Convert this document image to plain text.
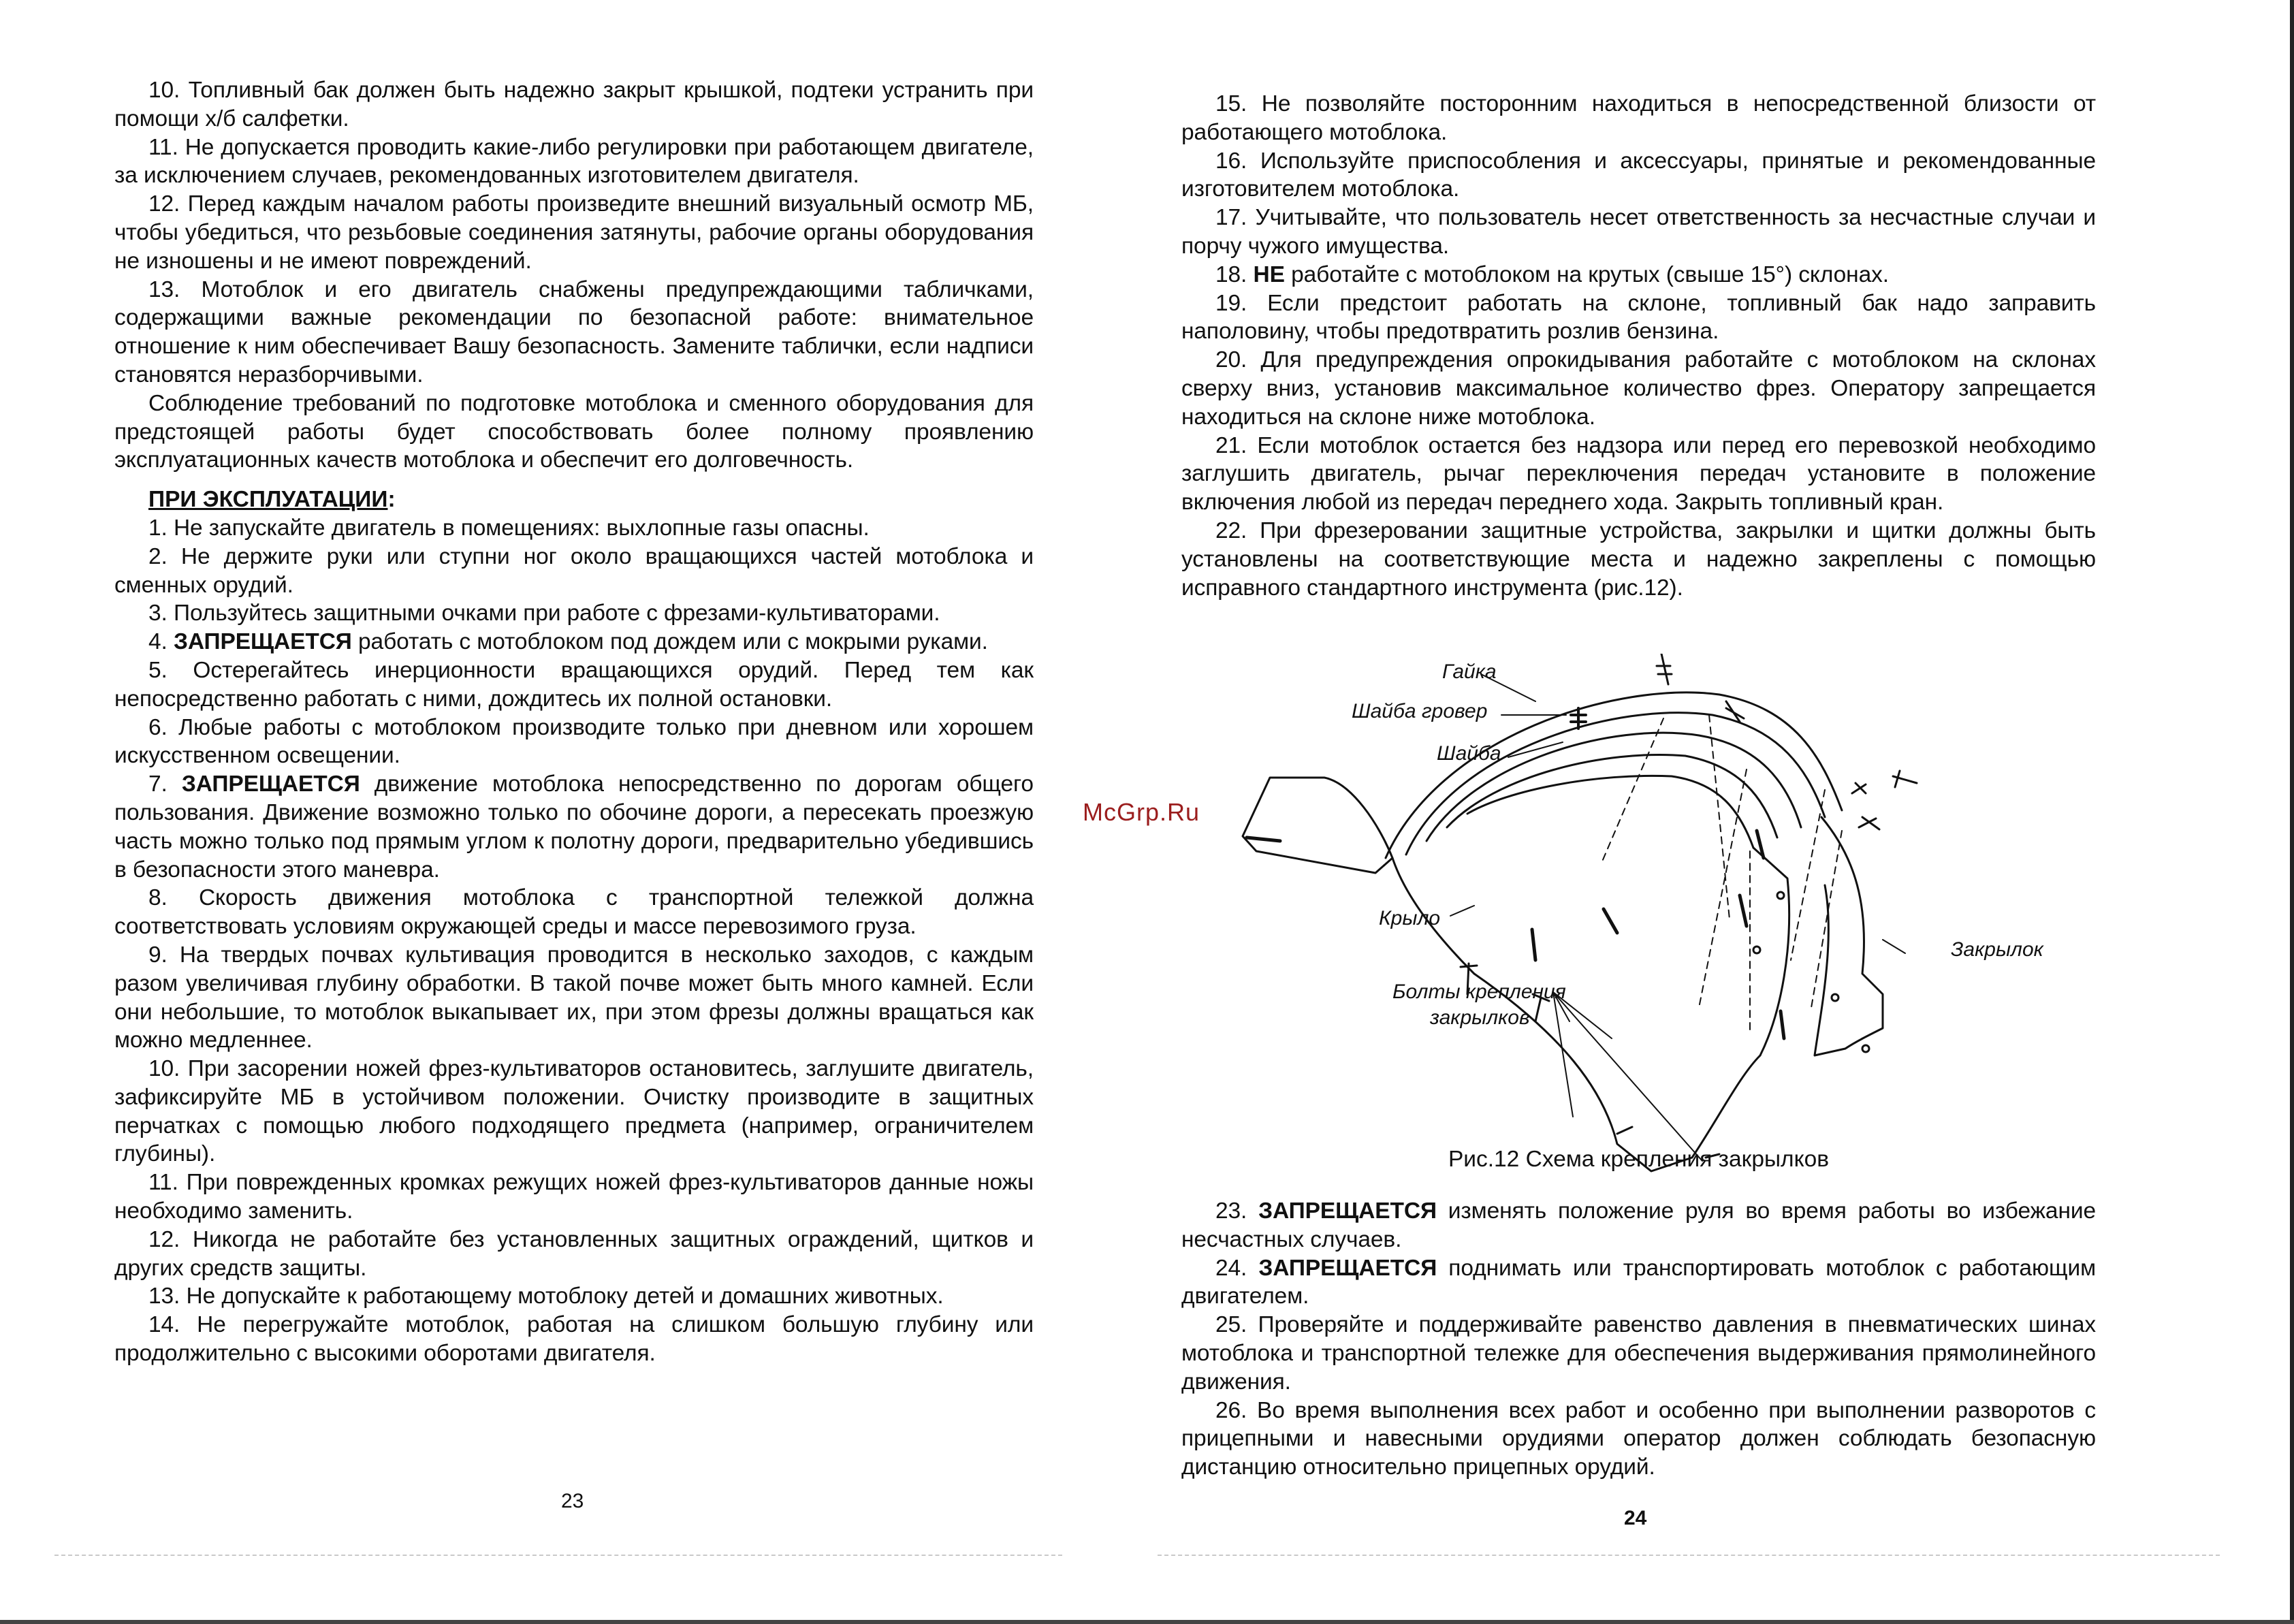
10. Топливный бак должен быть надежно закрыт крышкой, подтеки устранить при помощи х/б салфетки.

11. Не допускается проводить какие-либо регулировки при работающем двигателе, за исключением случаев, рекомендованных изготовителем двигателя.

12. Перед каждым началом работы произведите внешний визуальный осмотр МБ, чтобы убедиться, что резьбовые соединения затянуты, рабочие органы оборудования не изношены и не имеют повреждений.

13. Мотоблок и его двигатель снабжены предупреждающими табличками, содержащими важные рекомендации по безопасной работе: внимательное отношение к ним обеспечивает Вашу безопасность. Замените таблички, если надписи становятся неразборчивыми.

Соблюдение требований по подготовке мотоблока и сменного оборудования для предстоящей работы будет способствовать более полному проявлению эксплуатационных качеств мотоблока и обеспечит его долговечность.

ПРИ ЭКСПЛУАТАЦИИ:

1. Не запускайте двигатель в помещениях: выхлопные газы опасны.

2. Не держите руки или ступни ног около вращающихся частей мотоблока и сменных орудий.

3. Пользуйтесь защитными очками при работе с фрезами-культиваторами.

4. ЗАПРЕЩАЕТСЯ работать с мотоблоком под дождем или с мокрыми руками.

5. Остерегайтесь инерционности вращающихся орудий. Перед тем как непосредственно работать с ними, дождитесь их полной остановки.

6. Любые работы с мотоблоком производите только при дневном или хорошем искусственном освещении.

7. ЗАПРЕЩАЕТСЯ движение мотоблока непосредственно по дорогам общего пользования. Движение возможно только по обочине дороги, а пересекать проезжую часть можно только под прямым углом к полотну дороги, предварительно убедившись в безопасности этого маневра.

8. Скорость движения мотоблока с транспортной тележкой должна соответствовать условиям окружающей среды и массе перевозимого груза.

9. На твердых почвах культивация проводится в несколько заходов, с каждым разом увеличивая глубину обработки. В такой почве может быть много камней. Если они небольшие, то мотоблок выкапывает их, при этом фрезы должны вращаться как можно медленнее.

10. При засорении ножей фрез-культиваторов остановитесь, заглушите двигатель, зафиксируйте МБ в устойчивом положении. Очистку производите в защитных перчатках с помощью любого подходящего предмета (например, ограничителем глубины).

11. При поврежденных кромках режущих ножей фрез-культиваторов данные ножы необходимо заменить.

12. Никогда не работайте без установленных защитных ограждений, щитков и других средств защиты.

13. Не допускайте к работающему мотоблоку детей и домашних животных.

14. Не перегружайте мотоблок, работая на слишком большую глубину или продолжительно с высокими оборотами двигателя.

23

15. Не позволяйте посторонним находиться в непосредственной близости от работающего мотоблока.

16. Используйте приспособления и аксессуары, принятые и рекомендованные изготовителем мотоблока.

17. Учитывайте, что пользователь несет ответственность за несчастные случаи и порчу чужого имущества.

18. НЕ работайте с мотоблоком на крутых (свыше 15°) склонах.

19. Если предстоит работать на склоне, топливный бак надо заправить наполовину, чтобы предотвратить розлив бензина.

20. Для предупреждения опрокидывания работайте с мотоблоком на склонах сверху вниз, установив максимальное количество фрез. Оператору запрещается находиться на склоне ниже мотоблока.

21. Если мотоблок остается без надзора или перед его перевозкой необходимо заглушить двигатель, рычаг переключения передач установите в положение включения любой из передач переднего хода. Закрыть топливный кран.

22. При фрезеровании защитные устройства, закрылки и щитки должны быть установлены на соответствующие места и надежно закреплены с помощью исправного стандартного инструмента (рис.12).

Гайка
Шайба гровер
Шайба
Крыло
Закрылок
Болты крепления
закрылков
Рис.12 Схема крепления закрылков

23. ЗАПРЕЩАЕТСЯ изменять положение руля во время работы во избежание несчастных случаев.

24. ЗАПРЕЩАЕТСЯ поднимать или транспортировать мотоблок с работающим двигателем.

25. Проверяйте и поддерживайте равенство давления в пневматических шинах мотоблока и транспортной тележке для обеспечения выдерживания прямолинейного движения.

26. Во время выполнения всех работ и особенно при выполнении разворотов с прицепными и навесными орудиями оператор должен соблюдать безопасную дистанцию относительно прицепных орудий.

24
McGrp.Ru
